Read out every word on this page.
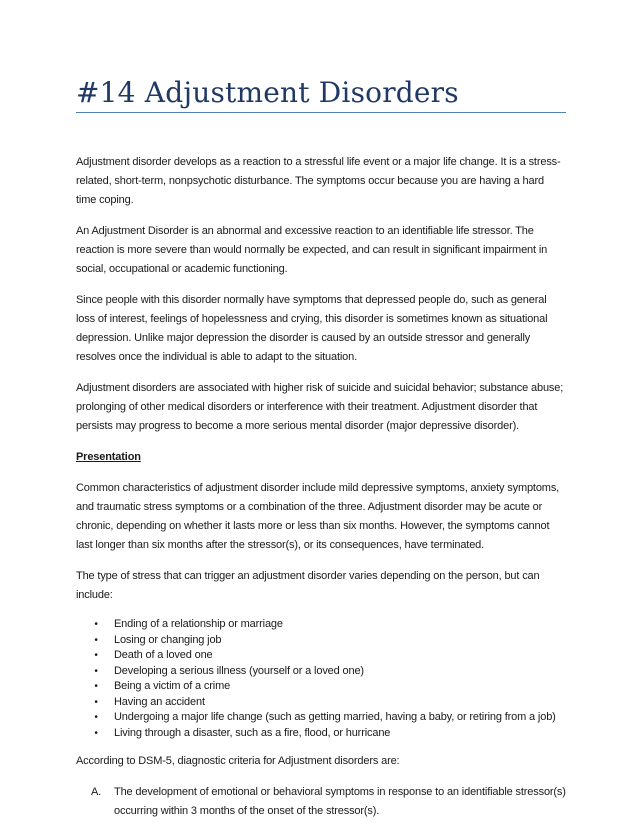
#14 Adjustment Disorders

Adjustment disorder develops as a reaction to a stressful life event or a major life change. It is a stress-related, short-term, nonpsychotic disturbance. The symptoms occur because you are having a hard time coping.

An Adjustment Disorder is an abnormal and excessive reaction to an identifiable life stressor. The reaction is more severe than would normally be expected, and can result in significant impairment in social, occupational or academic functioning.

Since people with this disorder normally have symptoms that depressed people do, such as general loss of interest, feelings of hopelessness and crying, this disorder is sometimes known as situational depression. Unlike major depression the disorder is caused by an outside stressor and generally resolves once the individual is able to adapt to the situation.

Adjustment disorders are associated with higher risk of suicide and suicidal behavior; substance abuse; prolonging of other medical disorders or interference with their treatment. Adjustment disorder that persists may progress to become a more serious mental disorder (major depressive disorder).

Presentation

Common characteristics of adjustment disorder include mild depressive symptoms, anxiety symptoms, and traumatic stress symptoms or a combination of the three. Adjustment disorder may be acute or chronic, depending on whether it lasts more or less than six months. However, the symptoms cannot last longer than six months after the stressor(s), or its consequences, have terminated.

The type of stress that can trigger an adjustment disorder varies depending on the person, but can include:

•	Ending of a relationship or marriage
•	Losing or changing job
•	Death of a loved one
•	Developing a serious illness (yourself or a loved one)
•	Being a victim of a crime
•	Having an accident
•	Undergoing a major life change (such as getting married, having a baby, or retiring from a job)
•	Living through a disaster, such as a fire, flood, or hurricane

According to DSM-5, diagnostic criteria for Adjustment disorders are:

A. The development of emotional or behavioral symptoms in response to an identifiable stressor(s) occurring within 3 months of the onset of the stressor(s).
